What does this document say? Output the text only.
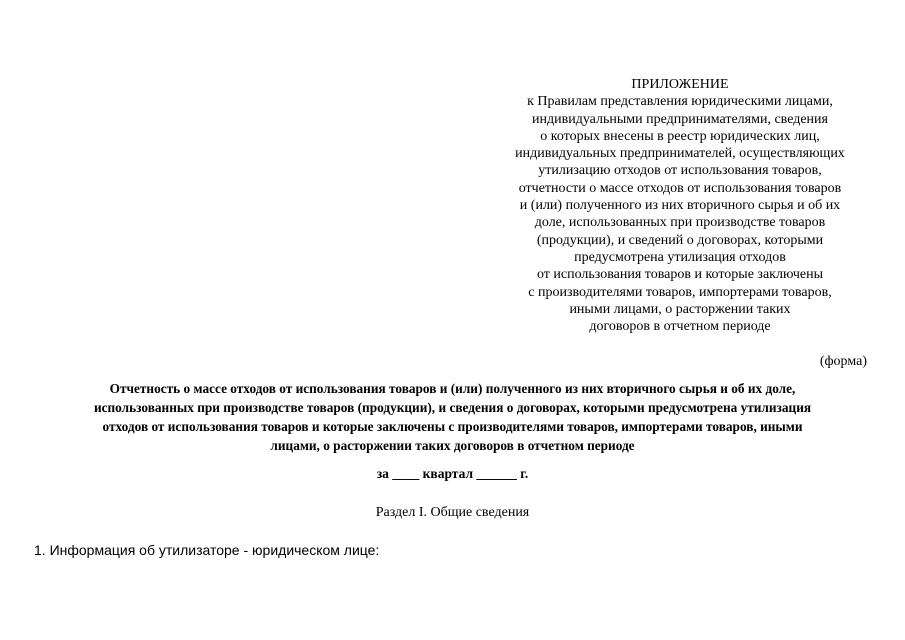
ПРИЛОЖЕНИЕ
к Правилам представления юридическими лицами,
индивидуальными предпринимателями, сведения
о которых внесены в реестр юридических лиц,
индивидуальных предпринимателей, осуществляющих
утилизацию отходов от использования товаров,
отчетности о массе отходов от использования товаров
и (или) полученного из них вторичного сырья и об их
доле, использованных при производстве товаров
(продукции), и сведений о договорах, которыми
предусмотрена утилизация отходов
от использования товаров и которые заключены
с производителями товаров, импортерами товаров,
иными лицами, о расторжении таких
договоров в отчетном периоде
(форма)
Отчетность о массе отходов от использования товаров и (или) полученного из них вторичного сырья и об их доле,
использованных при производстве товаров (продукции), и сведения о договорах, которыми предусмотрена утилизация
отходов от использования товаров и которые заключены с производителями товаров, импортерами товаров, иными
лицами, о расторжении таких договоров в отчетном периоде
за ____ квартал ______ г.
Раздел I. Общие сведения
1. Информация об утилизаторе - юридическом лице:
